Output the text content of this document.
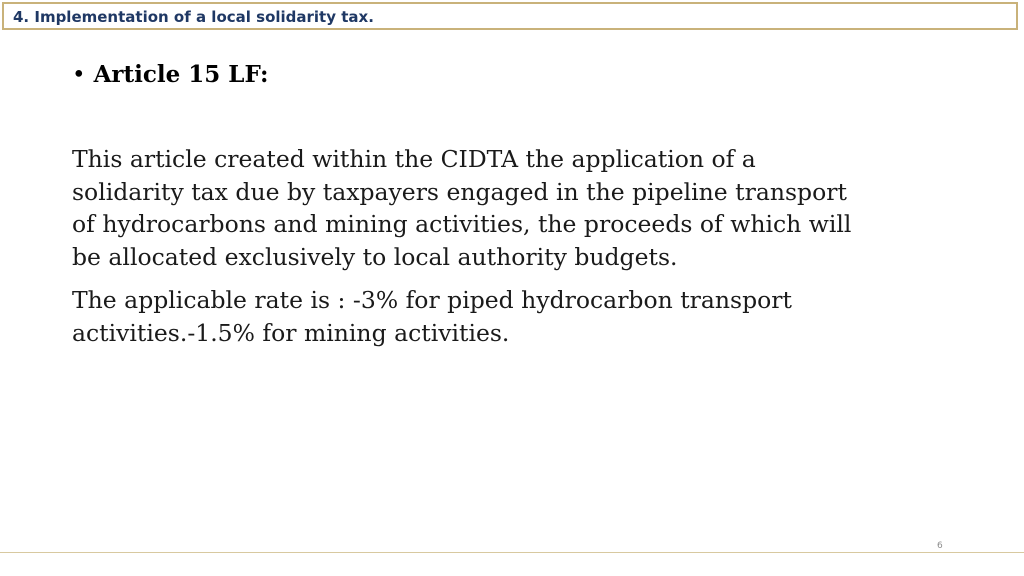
4. Implementation of a local solidarity tax.
• Article 15 LF:

This article created within the CIDTA the application of a
solidarity tax due by taxpayers engaged in the pipeline transport
of hydrocarbons and mining activities, the proceeds of which will
be allocated exclusively to local authority budgets.

The applicable rate is : -3% for piped hydrocarbon transport
activities.-1.5% for mining activities.

6
